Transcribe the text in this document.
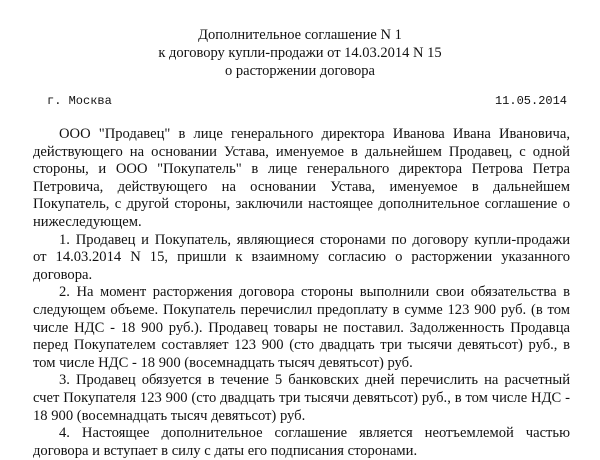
Дополнительное соглашение N 1
к договору купли-продажи от 14.03.2014 N 15
о расторжении договора
г. Москва	11.05.2014

ООО "Продавец" в лице генерального директора Иванова Ивана Ивановича, действующего на основании Устава, именуемое в дальнейшем Продавец, с одной стороны, и ООО "Покупатель" в лице генерального директора Петрова Петра Петровича, действующего на основании Устава, именуемое в дальнейшем Покупатель, с другой стороны, заключили настоящее дополнительное соглашение о нижеследующем.

1. Продавец и Покупатель, являющиеся сторонами по договору купли-продажи от 14.03.2014 N 15, пришли к взаимному согласию о расторжении указанного договора.

2. На момент расторжения договора стороны выполнили свои обязательства в следующем объеме. Покупатель перечислил предоплату в сумме 123 900 руб. (в том числе НДС - 18 900 руб.). Продавец товары не поставил. Задолженность Продавца перед Покупателем составляет 123 900 (сто двадцать три тысячи девятьсот) руб., в том числе НДС - 18 900 (восемнадцать тысяч девятьсот) руб.

3. Продавец обязуется в течение 5 банковских дней перечислить на расчетный счет Покупателя 123 900 (сто двадцать три тысячи девятьсот) руб., в том числе НДС - 18 900 (восемнадцать тысяч девятьсот) руб.

4. Настоящее дополнительное соглашение является неотъемлемой частью договора и вступает в силу с даты его подписания сторонами.
